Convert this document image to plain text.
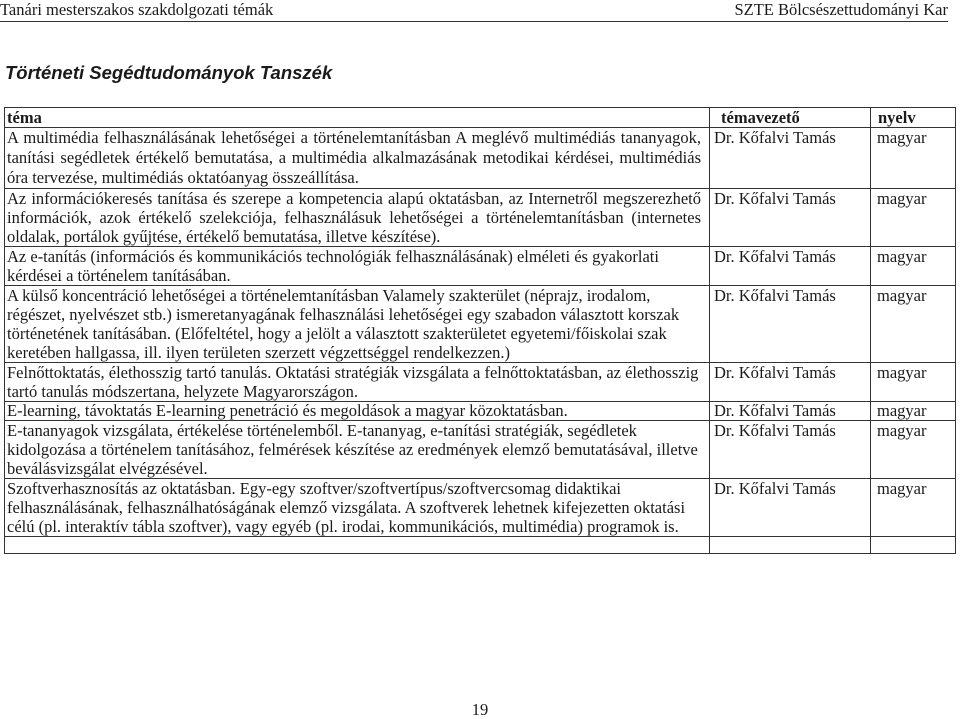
Tanári mesterszakos szakdolgozati témák	SZTE Bölcsészettudományi Kar
Történeti Segédtudományok Tanszék
téma	témavezető	nyelv

A multimédia felhasználásának lehetőségei a történelemtanításban A meglévő multimédiás tananyagok,
tanítási segédletek értékelő bemutatása, a multimédia alkalmazásának metodikai kérdései, multimédiás
óra tervezése, multimédiás oktatóanyag összeállítása.	Dr. Kőfalvi Tamás	magyar

Az információkeresés tanítása és szerepe a kompetencia alapú oktatásban, az Internetről megszerezhető
információk, azok értékelő szelekciója, felhasználásuk lehetőségei a történelemtanításban (internetes
oldalak, portálok gyűjtése, értékelő bemutatása, illetve készítése).	Dr. Kőfalvi Tamás	magyar

Az e-tanítás (információs és kommunikációs technológiák felhasználásának) elméleti és gyakorlati
kérdései a történelem tanításában.	Dr. Kőfalvi Tamás	magyar

A külső koncentráció lehetőségei a történelemtanításban Valamely szakterület (néprajz, irodalom,
régészet, nyelvészet stb.) ismeretanyagának felhasználási lehetőségei egy szabadon választott korszak
történetének tanításában. (Előfeltétel, hogy a jelölt a választott szakterületet egyetemi/főiskolai szak
keretében hallgassa, ill. ilyen területen szerzett végzettséggel rendelkezzen.)	Dr. Kőfalvi Tamás	magyar

Felnőttoktatás, élethosszig tartó tanulás. Oktatási stratégiák vizsgálata a felnőttoktatásban, az élethosszig
tartó tanulás módszertana, helyzete Magyarországon.	Dr. Kőfalvi Tamás	magyar

E-learning, távoktatás E-learning penetráció és megoldások a magyar közoktatásban.	Dr. Kőfalvi Tamás	magyar

E-tananyagok vizsgálata, értékelése történelemből. E-tananyag, e-tanítási stratégiák, segédletek
kidolgozása a történelem tanításához, felmérések készítése az eredmények elemző bemutatásával, illetve
beválásvizsgálat elvégzésével.	Dr. Kőfalvi Tamás	magyar

Szoftverhasznosítás az oktatásban. Egy-egy szoftver/szoftvertípus/szoftvercsomag didaktikai
felhasználásának, felhasználhatóságának elemző vizsgálata. A szoftverek lehetnek kifejezetten oktatási
célú (pl. interaktív tábla szoftver), vagy egyéb (pl. irodai, kommunikációs, multimédia) programok is.	Dr. Kőfalvi Tamás	magyar

19
